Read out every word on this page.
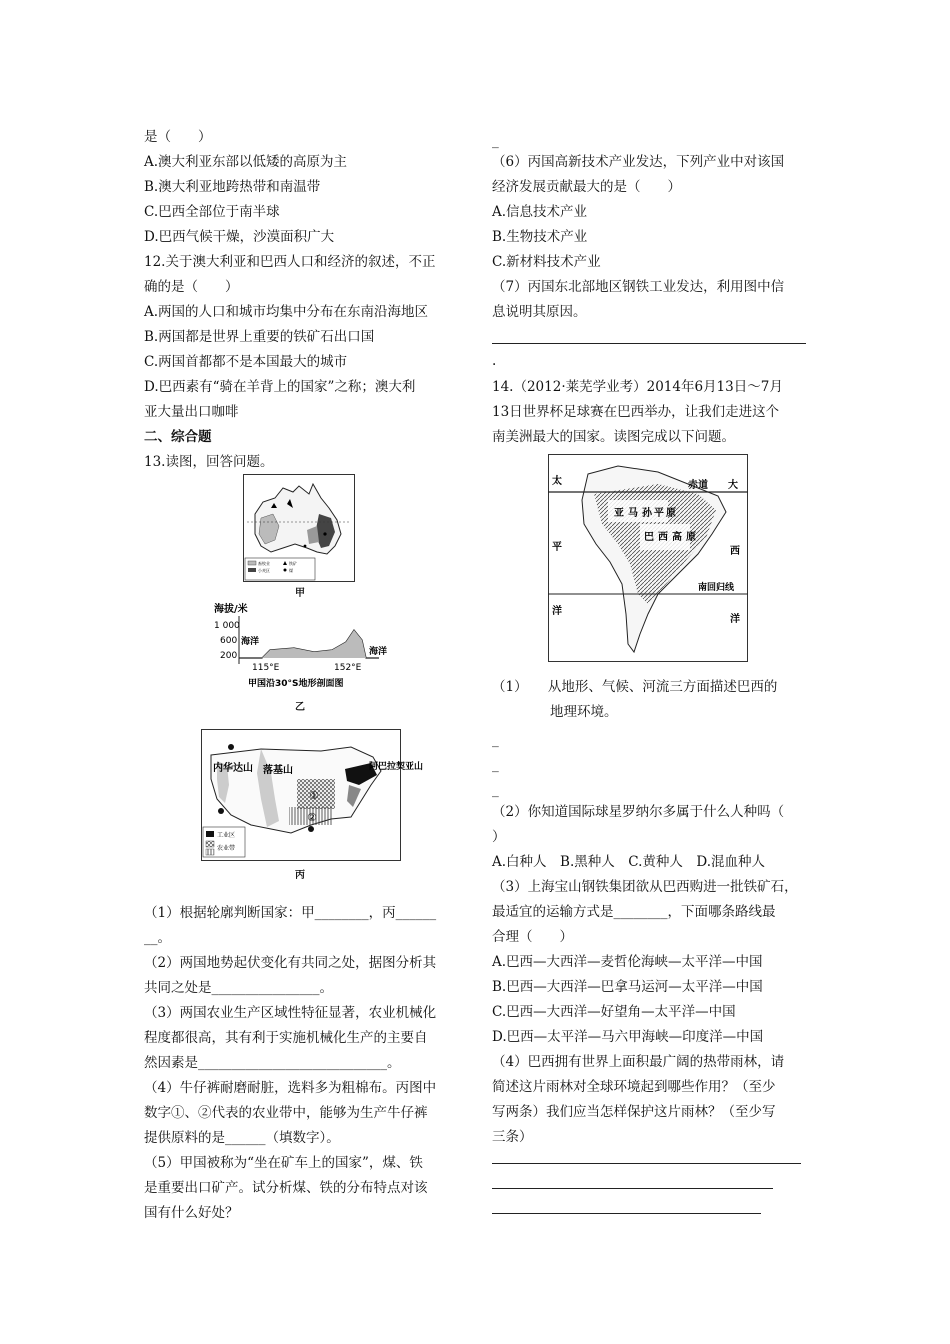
是（　　）
A.澳大利亚东部以低矮的高原为主
B.澳大利亚地跨热带和南温带
C.巴西全部位于南半球
D.巴西气候干燥，沙漠面积广大
12.关于澳大利亚和巴西人口和经济的叙述，不正
确的是（　　）
A.两国的人口和城市均集中分布在东南沿海地区
B.两国都是世界上重要的铁矿石出口国
C.两国首都都不是本国最大的城市
D.巴西素有“骑在羊背上的国家”之称；澳大利
亚大量出口咖啡
二、综合题
13.读图，回答问题。
畜牧业
小麦区
铁矿
煤
甲
海拔/米
1 000
600
200
海洋
海洋
115°E	152°E
甲国沿30°S地形剖面图
乙
内华达山 落基山	阿巴拉契亚山
①
②
工业区
农业带
丙
（1）根据轮廓判断国家：甲________，丙______
__。
（2）两国地势起伏变化有共同之处，据图分析其
共同之处是________________。
（3）两国农业生产区域性特征显著，农业机械化
程度都很高，其有利于实施机械化生产的主要自
然因素是____________________________。
（4）牛仔裤耐磨耐脏，选料多为粗棉布。丙图中
数字①、②代表的农业带中，能够为生产牛仔裤
提供原料的是______（填数字）。
（5）甲国被称为“坐在矿车上的国家”，煤、铁
是重要出口矿产。试分析煤、铁的分布特点对该
国有什么好处？
_
（6）丙国高新技术产业发达，下列产业中对该国
经济发展贡献最大的是（　　）
A.信息技术产业
B.生物技术产业
C.新材料技术产业
（7）丙国东北部地区钢铁工业发达，利用图中信
息说明其原因。
.
14.（2012·莱芜学业考）2014年6月13日～7月
13日世界杯足球赛在巴西举办，让我们走进这个
南美洲最大的国家。读图完成以下问题。
太	赤道 大
亚 马 孙 平 原
巴 西 高 原
平	西
南回归线
洋
洋
（1）　　从地形、气候、河流三方面描述巴西的
地理环境。
_
_
_
（2）你知道国际球星罗纳尔多属于什么人种吗（
）
A.白种人　B.黑种人　C.黄种人　D.混血种人
（3）上海宝山钢铁集团欲从巴西购进一批铁矿石，
最适宜的运输方式是________，下面哪条路线最
合理（　　）
A.巴西—大西洋—麦哲伦海峡—太平洋—中国
B.巴西—大西洋—巴拿马运河—太平洋—中国
C.巴西—大西洋—好望角—太平洋—中国
D.巴西—太平洋—马六甲海峡—印度洋—中国
（4）巴西拥有世界上面积最广阔的热带雨林，请
简述这片雨林对全球环境起到哪些作用？（至少
写两条）我们应当怎样保护这片雨林？（至少写
三条）
